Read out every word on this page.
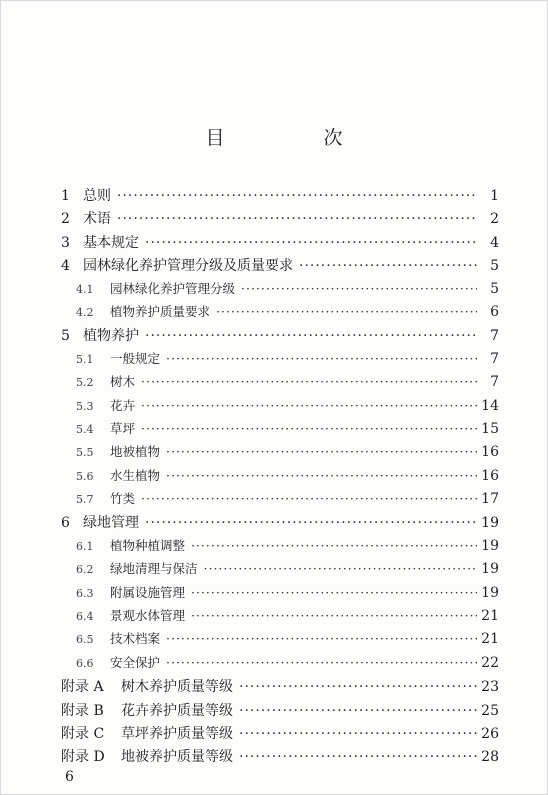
目　次
1 总则 ·····	1
2 术语 ·····	2
3 基本规定 ·····	4
4 园林绿化养护管理分级及质量要求 ·····	5
4.1	园林绿化养护管理分级 ·····	5
4.2	植物养护质量要求 ·····	6
5 植物养护 ·····	7
5.1	一般规定 ·····	7
5.2	树木 ·····	7
5.3	花卉 ·····	14
5.4	草坪 ·····	15
5.5	地被植物 ·····	16
5.6	水生植物 ·····	16
5.7	竹类 ·····	17
6 绿地管理 ·····	19
6.1	植物种植调整 ·····	19
6.2	绿地清理与保洁 ·····	19
6.3	附属设施管理 ·····	19
6.4	景观水体管理 ·····	21
6.5	技术档案 ·····	21
6.6	安全保护 ·····	22
附录 A	树木养护质量等级 ·····	23
附录 B	花卉养护质量等级 ·····	25
附录 C	草坪养护质量等级 ·····	26
附录 D	地被养护质量等级 ·····	28
6
